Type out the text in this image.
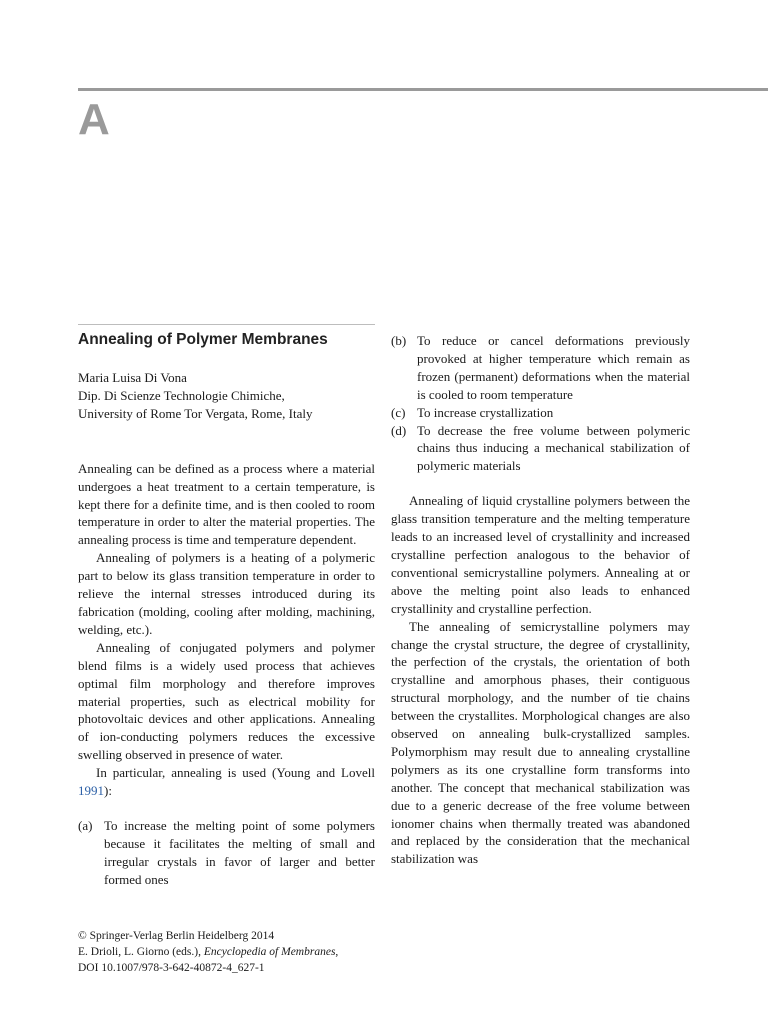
A
Annealing of Polymer Membranes

Maria Luisa Di Vona

Dip. Di Scienze Technologie Chimiche,

University of Rome Tor Vergata, Rome, Italy

Annealing can be defined as a process where a material undergoes a heat treatment to a certain temperature, is kept there for a definite time, and is then cooled to room temperature in order to alter the material properties. The annealing process is time and temperature dependent.

Annealing of polymers is a heating of a polymeric part to below its glass transition temperature in order to relieve the internal stresses introduced during its fabrication (molding, cooling after molding, machining, welding, etc.).

Annealing of conjugated polymers and polymer blend films is a widely used process that achieves optimal film morphology and therefore improves material properties, such as electrical mobility for photovoltaic devices and other applications. Annealing of ion-conducting polymers reduces the excessive swelling observed in presence of water.

In particular, annealing is used (Young and Lovell 1991):

(a) To increase the melting point of some polymers because it facilitates the melting of small and irregular crystals in favor of larger and better formed ones
(b) To reduce or cancel deformations previously provoked at higher temperature which remain as frozen (permanent) deformations when the material is cooled to room temperature
(c) To increase crystallization
(d) To decrease the free volume between polymeric chains thus inducing a mechanical stabilization of polymeric materials

Annealing of liquid crystalline polymers between the glass transition temperature and the melting temperature leads to an increased level of crystallinity and increased crystalline perfection analogous to the behavior of conventional semicrystalline polymers. Annealing at or above the melting point also leads to enhanced crystallinity and crystalline perfection.

The annealing of semicrystalline polymers may change the crystal structure, the degree of crystallinity, the perfection of the crystals, the orientation of both crystalline and amorphous phases, their contiguous structural morphology, and the number of tie chains between the crystallites. Morphological changes are also observed on annealing bulk-crystallized samples. Polymorphism may result due to annealing crystalline polymers as its one crystalline form transforms into another. The concept that mechanical stabilization was due to a generic decrease of the free volume between ionomer chains when thermally treated was abandoned and replaced by the consideration that the mechanical stabilization was

© Springer-Verlag Berlin Heidelberg 2014

E. Drioli, L. Giorno (eds.), Encyclopedia of Membranes,

DOI 10.1007/978-3-642-40872-4_627-1
